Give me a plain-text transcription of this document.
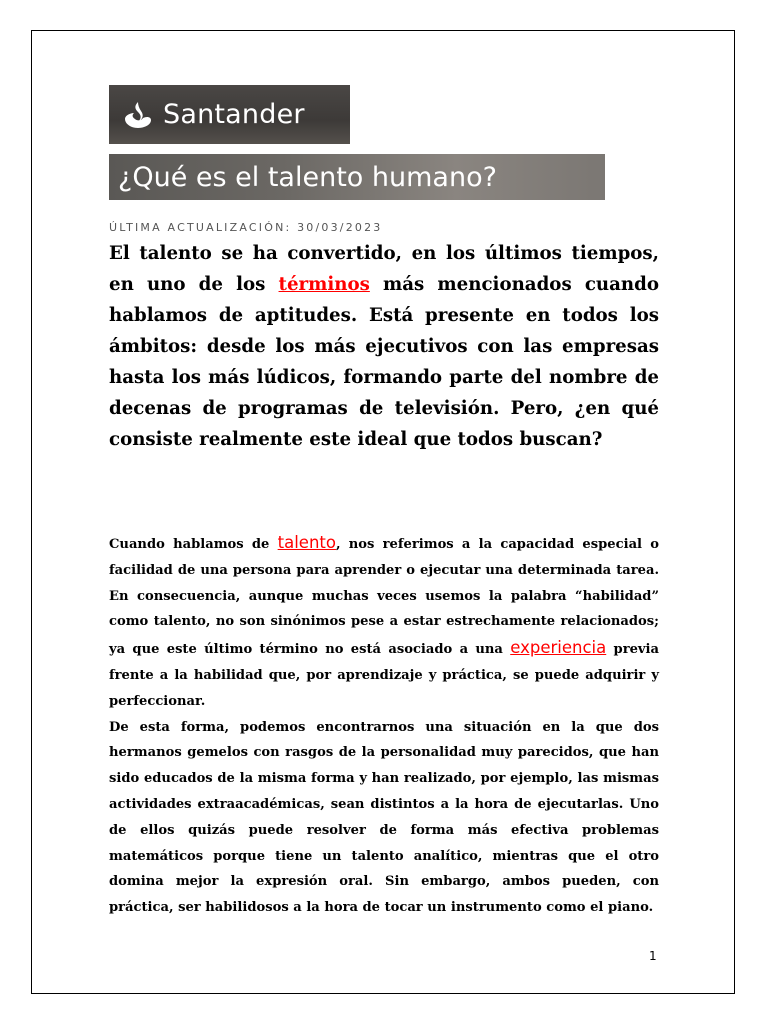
Santander
¿Qué es el talento humano?
ÚLTIMA ACTUALIZACIÓN: 30/03/2023
El talento se ha convertido, en los últimos tiempos, en uno de los términos más mencionados cuando hablamos de aptitudes. Está presente en todos los ámbitos: desde los más ejecutivos con las empresas hasta los más lúdicos, formando parte del nombre de decenas de programas de televisión. Pero, ¿en qué consiste realmente este ideal que todos buscan?

Cuando hablamos de talento, nos referimos a la capacidad especial o facilidad de una persona para aprender o ejecutar una determinada tarea. En consecuencia, aunque muchas veces usemos la palabra “habilidad” como talento, no son sinónimos pese a estar estrechamente relacionados; ya que este último término no está asociado a una experiencia previa frente a la habilidad que, por aprendizaje y práctica, se puede adquirir y perfeccionar.

De esta forma, podemos encontrarnos una situación en la que dos hermanos gemelos con rasgos de la personalidad muy parecidos, que han sido educados de la misma forma y han realizado, por ejemplo, las mismas actividades extraacadémicas, sean distintos a la hora de ejecutarlas. Uno de ellos quizás puede resolver de forma más efectiva problemas matemáticos porque tiene un talento analítico, mientras que el otro domina mejor la expresión oral. Sin embargo, ambos pueden, con práctica, ser habilidosos a la hora de tocar un instrumento como el piano.

1
